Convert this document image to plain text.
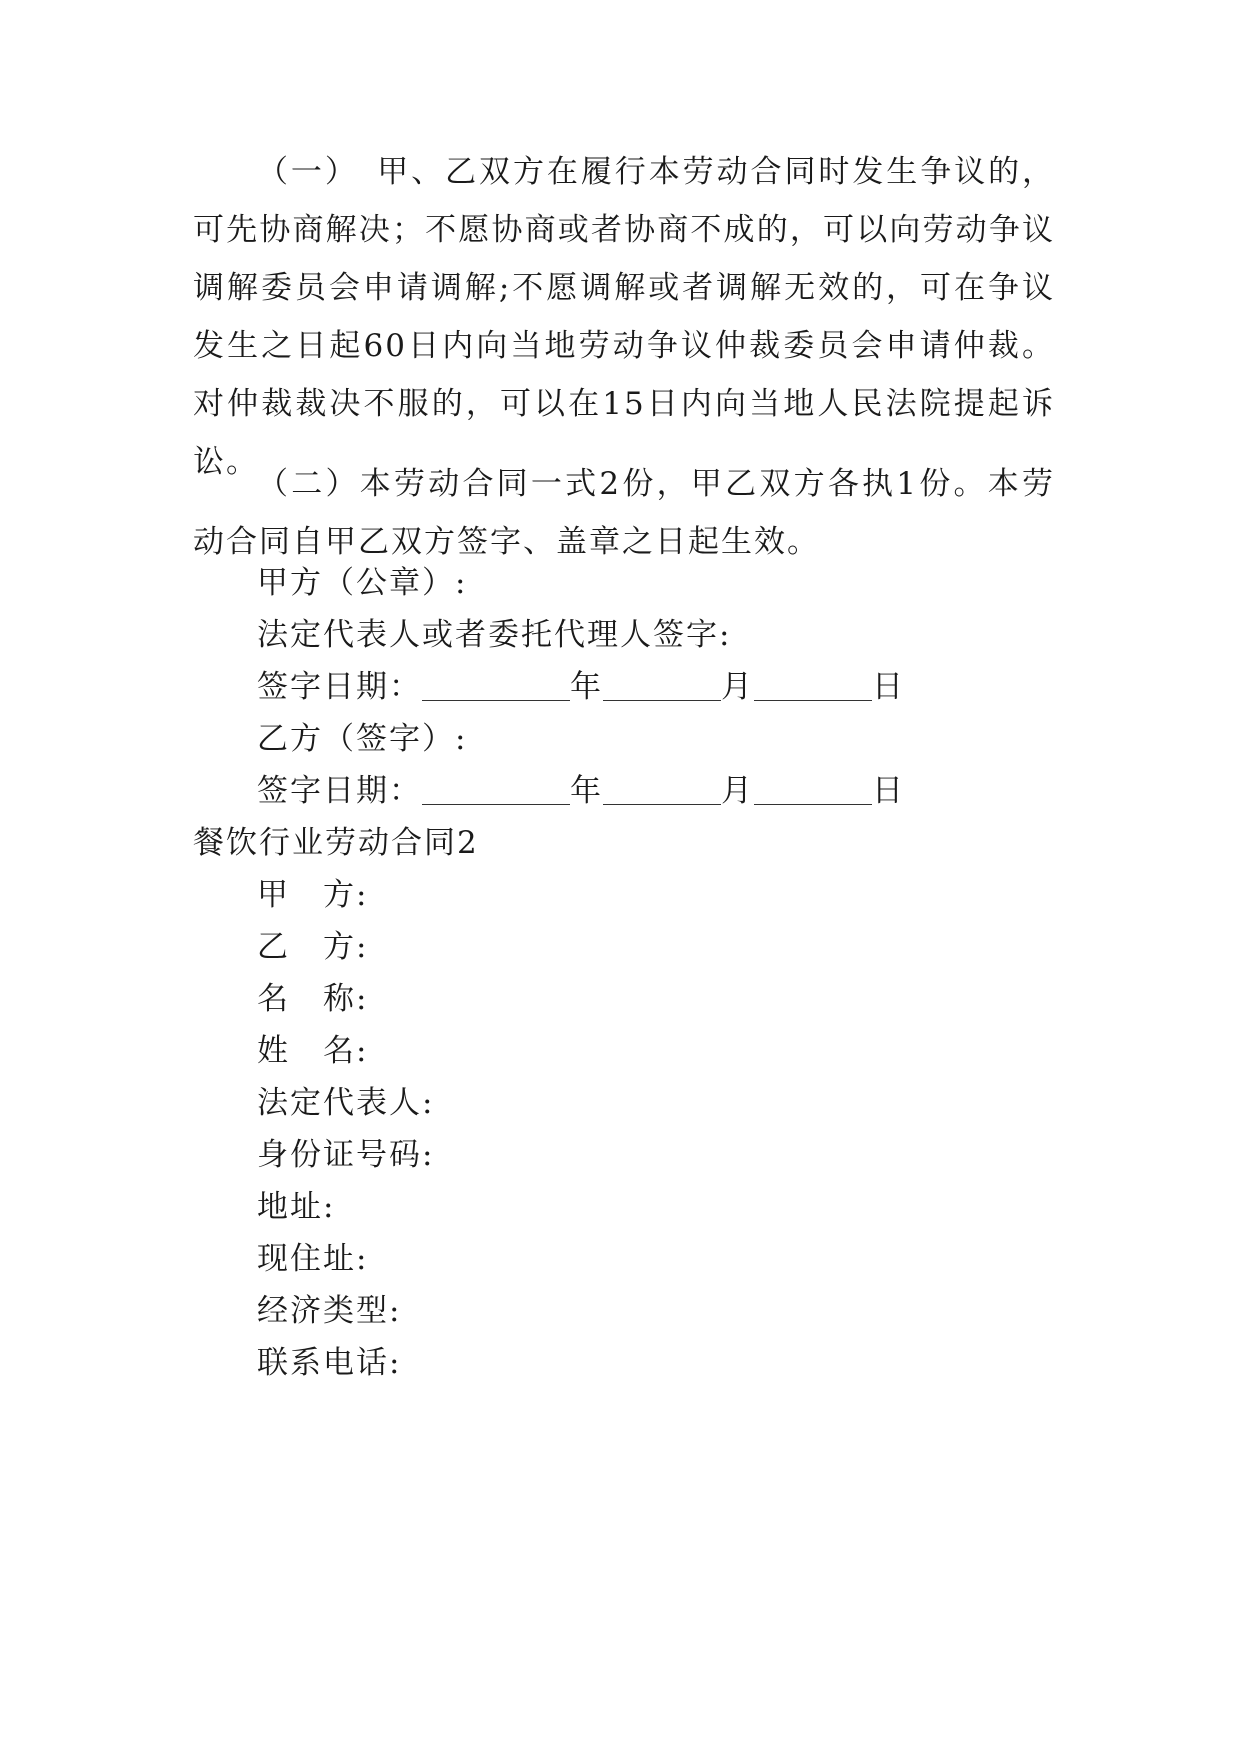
（一）　甲、乙双方在履行本劳动合同时发生争议的，可先协商解决；不愿协商或者协商不成的，可以向劳动争议调解委员会申请调解;不愿调解或者调解无效的，可在争议发生之日起60日内向当地劳动争议仲裁委员会申请仲裁。对仲裁裁决不服的，可以在15日内向当地人民法院提起诉讼。

（二）本劳动合同一式2份，甲乙双方各执1份。本劳动合同自甲乙双方签字、盖章之日起生效。

甲方（公章）:
法定代表人或者委托代理人签字:
签字日期：	年	月	日
乙方（签字）:
签字日期：	年	月	日
餐饮行业劳动合同2
甲　方:
乙　方:
名　称:
姓　名:
法定代表人:
身份证号码:
地址:
现住址:
经济类型:
联系电话:
